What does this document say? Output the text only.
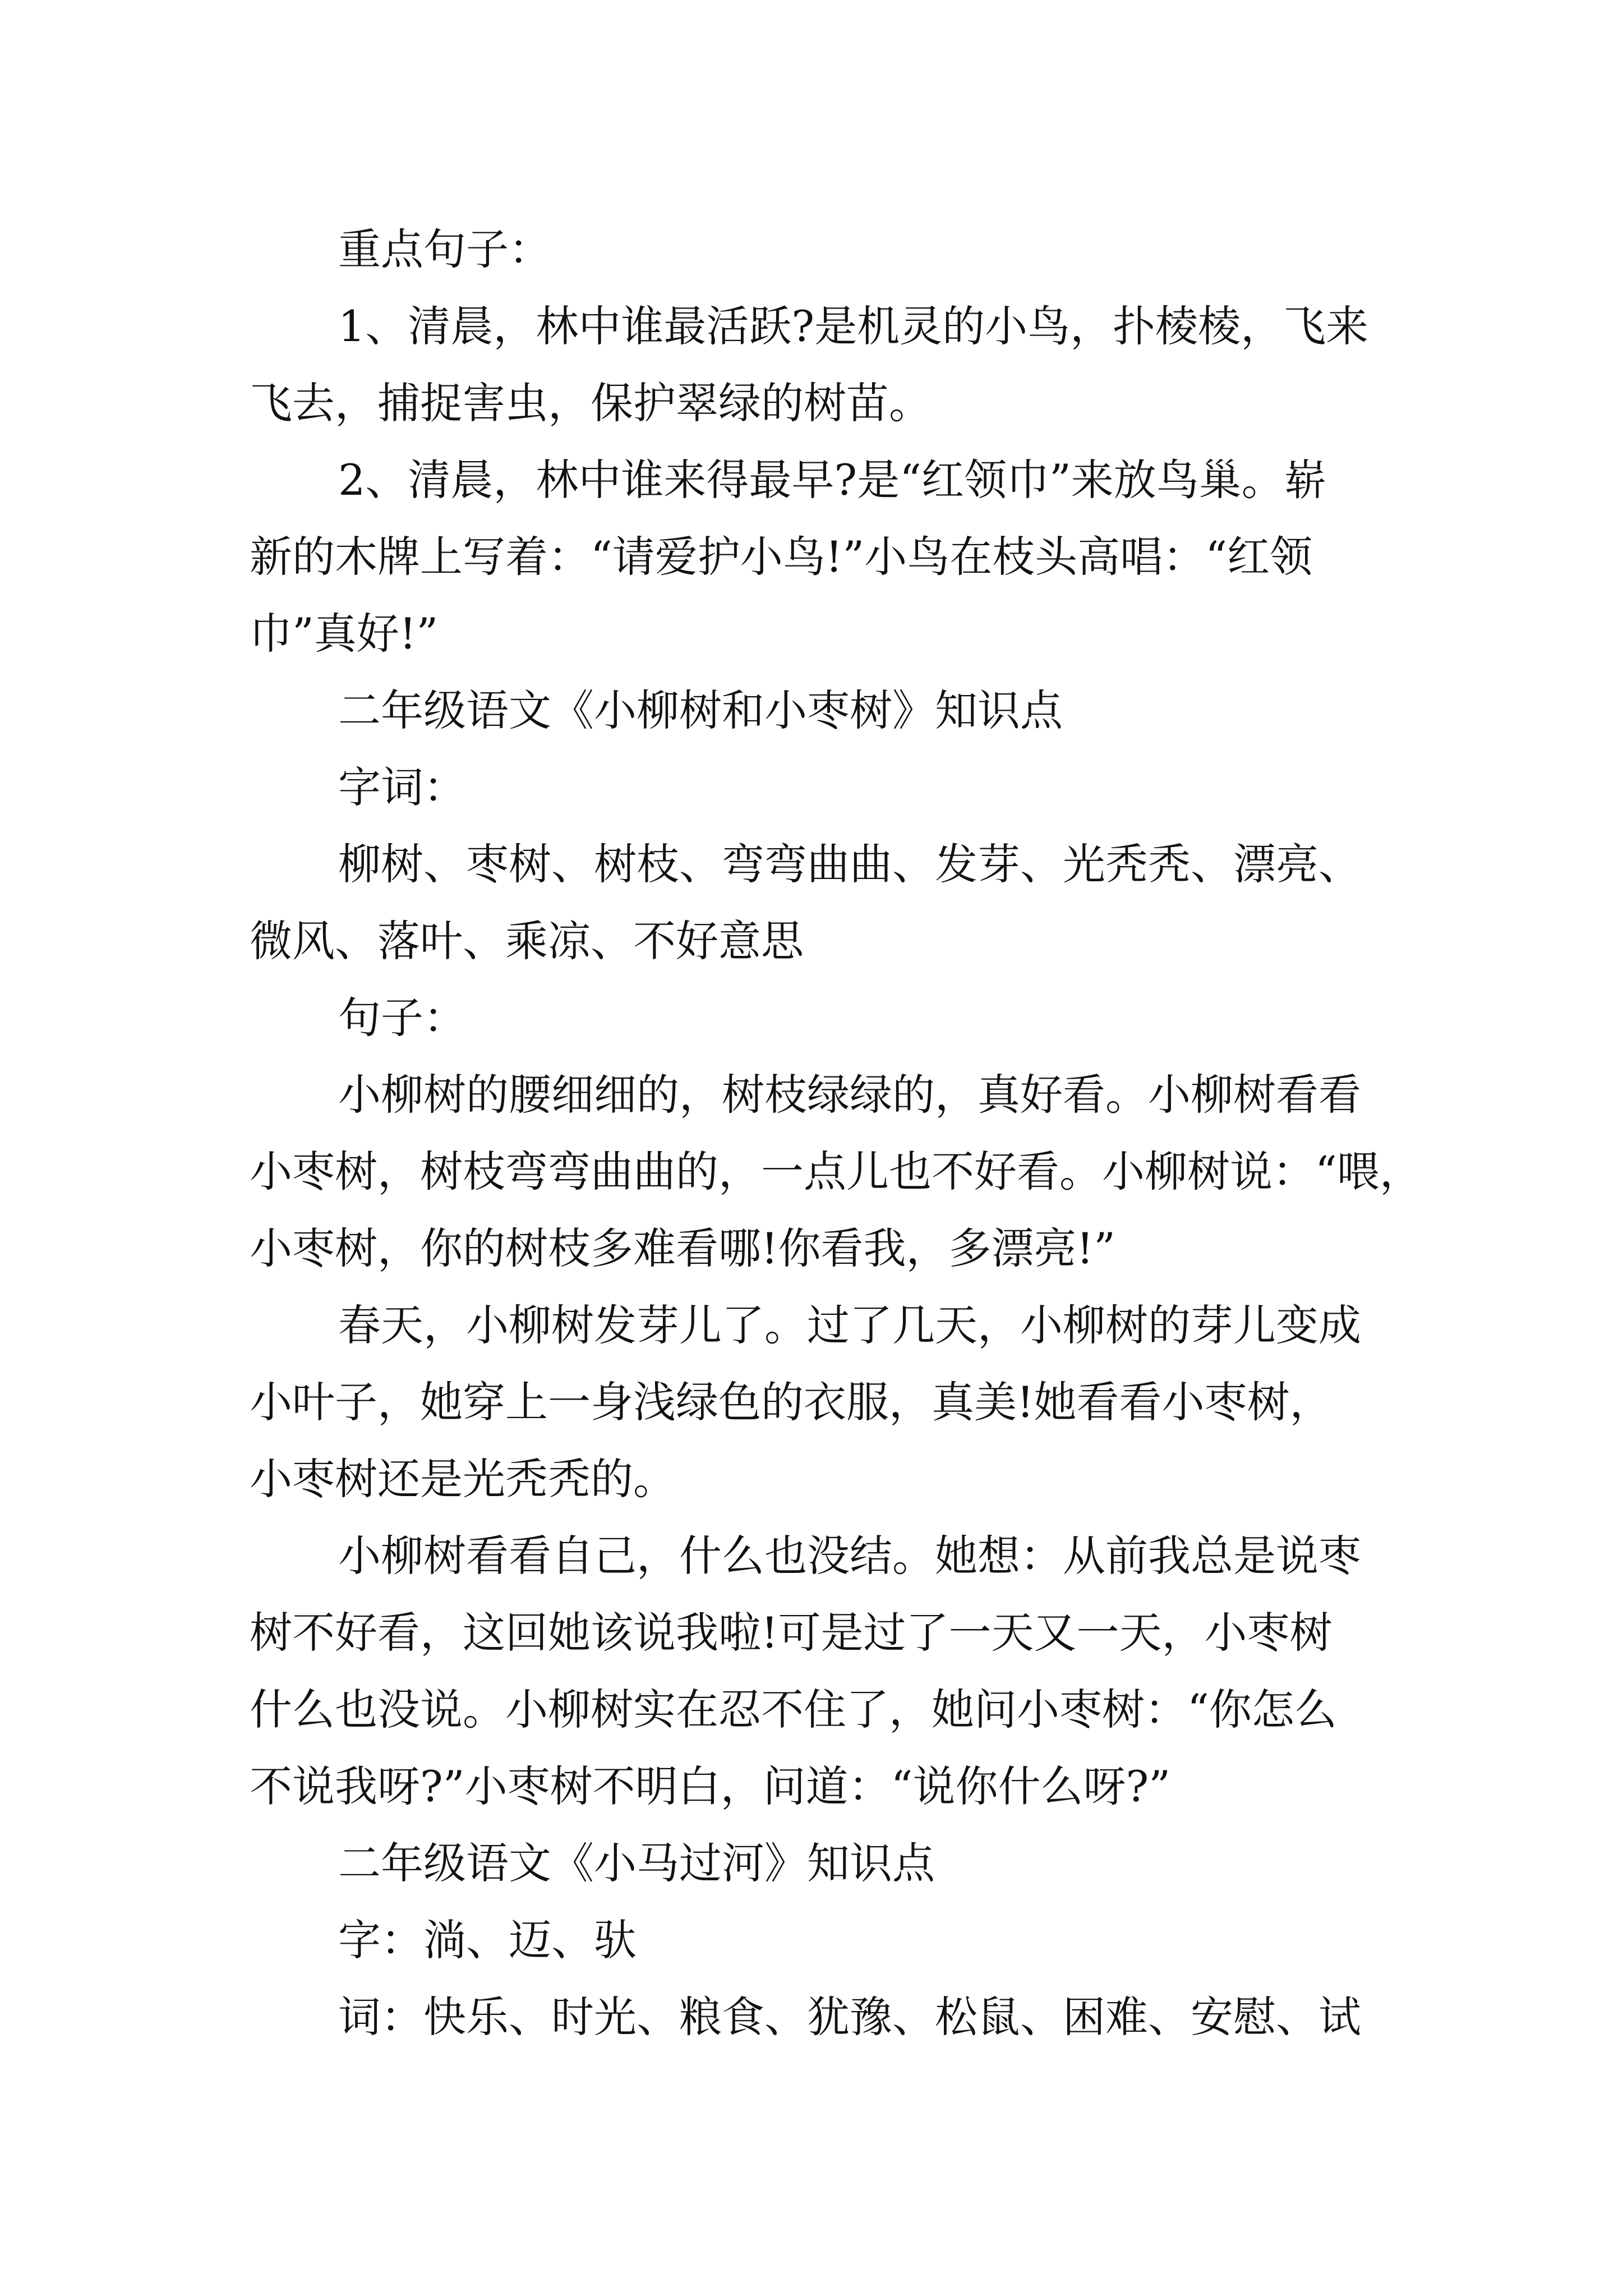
重点句子：
1、清晨，林中谁最活跃?是机灵的小鸟，扑棱棱，飞来
飞去，捕捉害虫，保护翠绿的树苗。
2、清晨，林中谁来得最早?是“红领巾”来放鸟巢。崭
新的木牌上写着：“请爱护小鸟!”小鸟在枝头高唱：“红领
巾”真好!”
二年级语文《小柳树和小枣树》知识点
字词：
柳树、枣树、树枝、弯弯曲曲、发芽、光秃秃、漂亮、
微风、落叶、乘凉、不好意思
句子：
小柳树的腰细细的，树枝绿绿的，真好看。小柳树看看
小枣树，树枝弯弯曲曲的，一点儿也不好看。小柳树说：“喂，
小枣树，你的树枝多难看哪!你看我，多漂亮!”
春天，小柳树发芽儿了。过了几天，小柳树的芽儿变成
小叶子，她穿上一身浅绿色的衣服，真美!她看看小枣树，
小枣树还是光秃秃的。
小柳树看看自己，什么也没结。她想：从前我总是说枣
树不好看，这回她该说我啦!可是过了一天又一天，小枣树
什么也没说。小柳树实在忍不住了，她问小枣树：“你怎么
不说我呀?”小枣树不明白，问道：“说你什么呀?”
二年级语文《小马过河》知识点
字：淌、迈、驮
词：快乐、时光、粮食、犹豫、松鼠、困难、安慰、试
